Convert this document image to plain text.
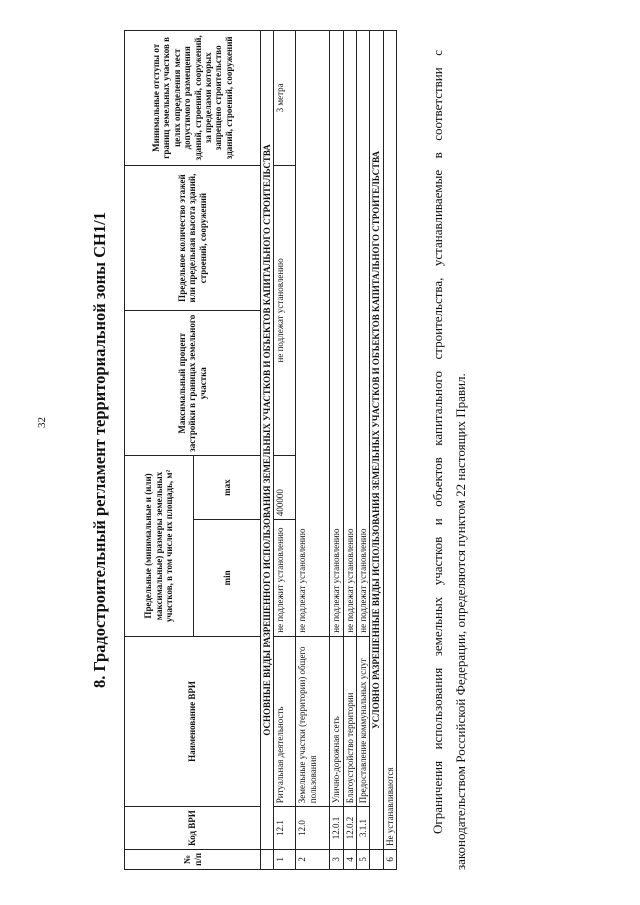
32	8. Градостроительный регламент территориальной зоны СН1/1
№ п/п	Код ВРИ	Наименование ВРИ	Предельные (минимальные и (или) максимальные) размеры земельных участков, в том числе их площадь, м²		Максимальный процент застройки в границах земельного участка	Предельное количество этажей или предельная высота зданий, строений, сооружений	Минимальные отступы от границ земельных участков в целях определения мест допустимого размещения зданий, строений, сооружений, за пределами которых запрещено строительство зданий, строений, сооружений
			min	max			
	ОСНОВНЫЕ ВИДЫ РАЗРЕШЕННОГО ИСПОЛЬЗОВАНИЯ ЗЕМЕЛЬНЫХ УЧАСТКОВ И ОБЪЕКТОВ КАПИТАЛЬНОГО СТРОИТЕЛЬСТВА						
1	12.1	Ритуальная деятельность	не подлежит установлению	400000	не подлежат установлению		3 метра
2	12.0	Земельные участки (территории) общего пользования	не подлежат установлению				
3	12.0.1	Улично-дорожная сеть	не подлежат установлению				
4	12.0.2	Благоустройство территории	не подлежат установлению				
5	3.1.1	Предоставление коммунальных услуг	не подлежат установлению				
	УСЛОВНО РАЗРЕШЕННЫЕ ВИДЫ ИСПОЛЬЗОВАНИЯ ЗЕМЕЛЬНЫХ УЧАСТКОВ И ОБЪЕКТОВ КАПИТАЛЬНОГО СТРОИТЕЛЬСТВА						
6	Не устанавливаются							Ограничения использования земельных участков и объектов капитального строительства, устанавливаемые в соответствии с законодательством Российской Федерации, определяются пунктом 22 настоящих Правил.
